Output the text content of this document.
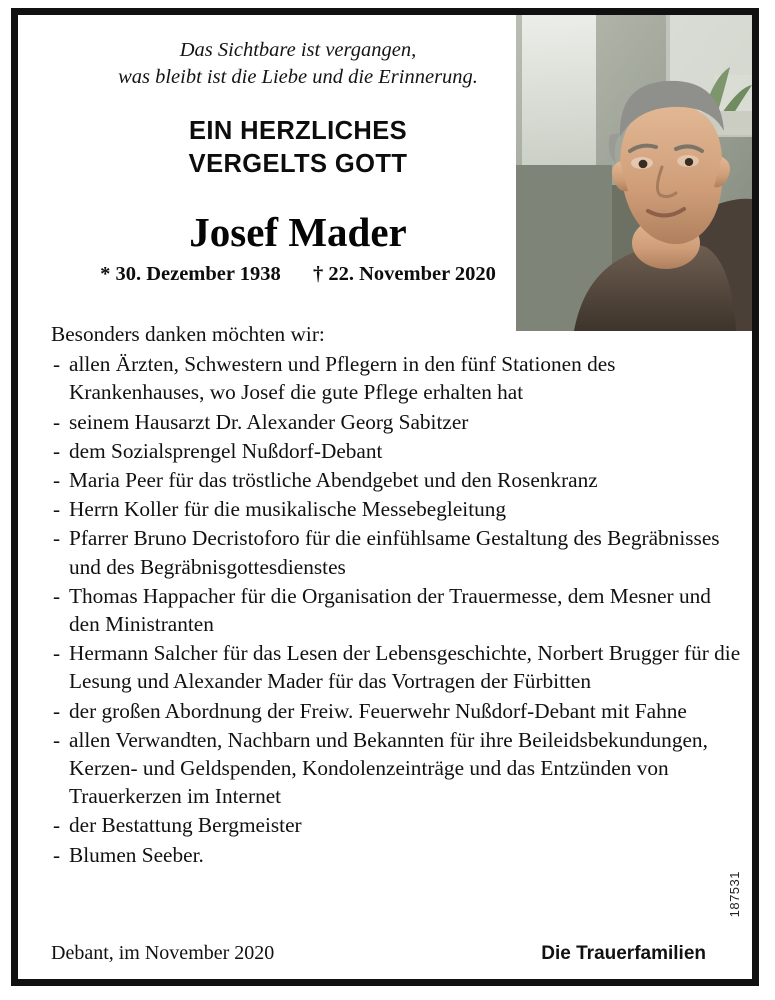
Das Sichtbare ist vergangen,
was bleibt ist die Liebe und die Erinnerung.
EIN HERZLICHES
VERGELTS GOTT
Josef Mader
* 30. Dezember 1938 † 22. November 2020

Besonders danken möchten wir:

- allen Ärzten, Schwestern und Pflegern in den fünf Stationen des Krankenhauses, wo Josef die gute Pflege erhalten hat
- seinem Hausarzt Dr. Alexander Georg Sabitzer
- dem Sozialsprengel Nußdorf-Debant
- Maria Peer für das tröstliche Abendgebet und den Rosenkranz
- Herrn Koller für die musikalische Messebegleitung
- Pfarrer Bruno Decristoforo für die einfühlsame Gestaltung des Begräbnisses und des Begräbnisgottesdienstes
- Thomas Happacher für die Organisation der Trauermesse, dem Mesner und den Ministranten
- Hermann Salcher für das Lesen der Lebensgeschichte, Norbert Brugger für die Lesung und Alexander Mader für das Vortragen der Fürbitten
- der großen Abordnung der Freiw. Feuerwehr Nußdorf-Debant mit Fahne
- allen Verwandten, Nachbarn und Bekannten für ihre Beileidsbekundungen, Kerzen- und Geldspenden, Kondolenzeinträge und das Entzünden von Trauerkerzen im Internet
- der Bestattung Bergmeister
- Blumen Seeber.
187531
Debant, im November 2020	Die Trauerfamilien
